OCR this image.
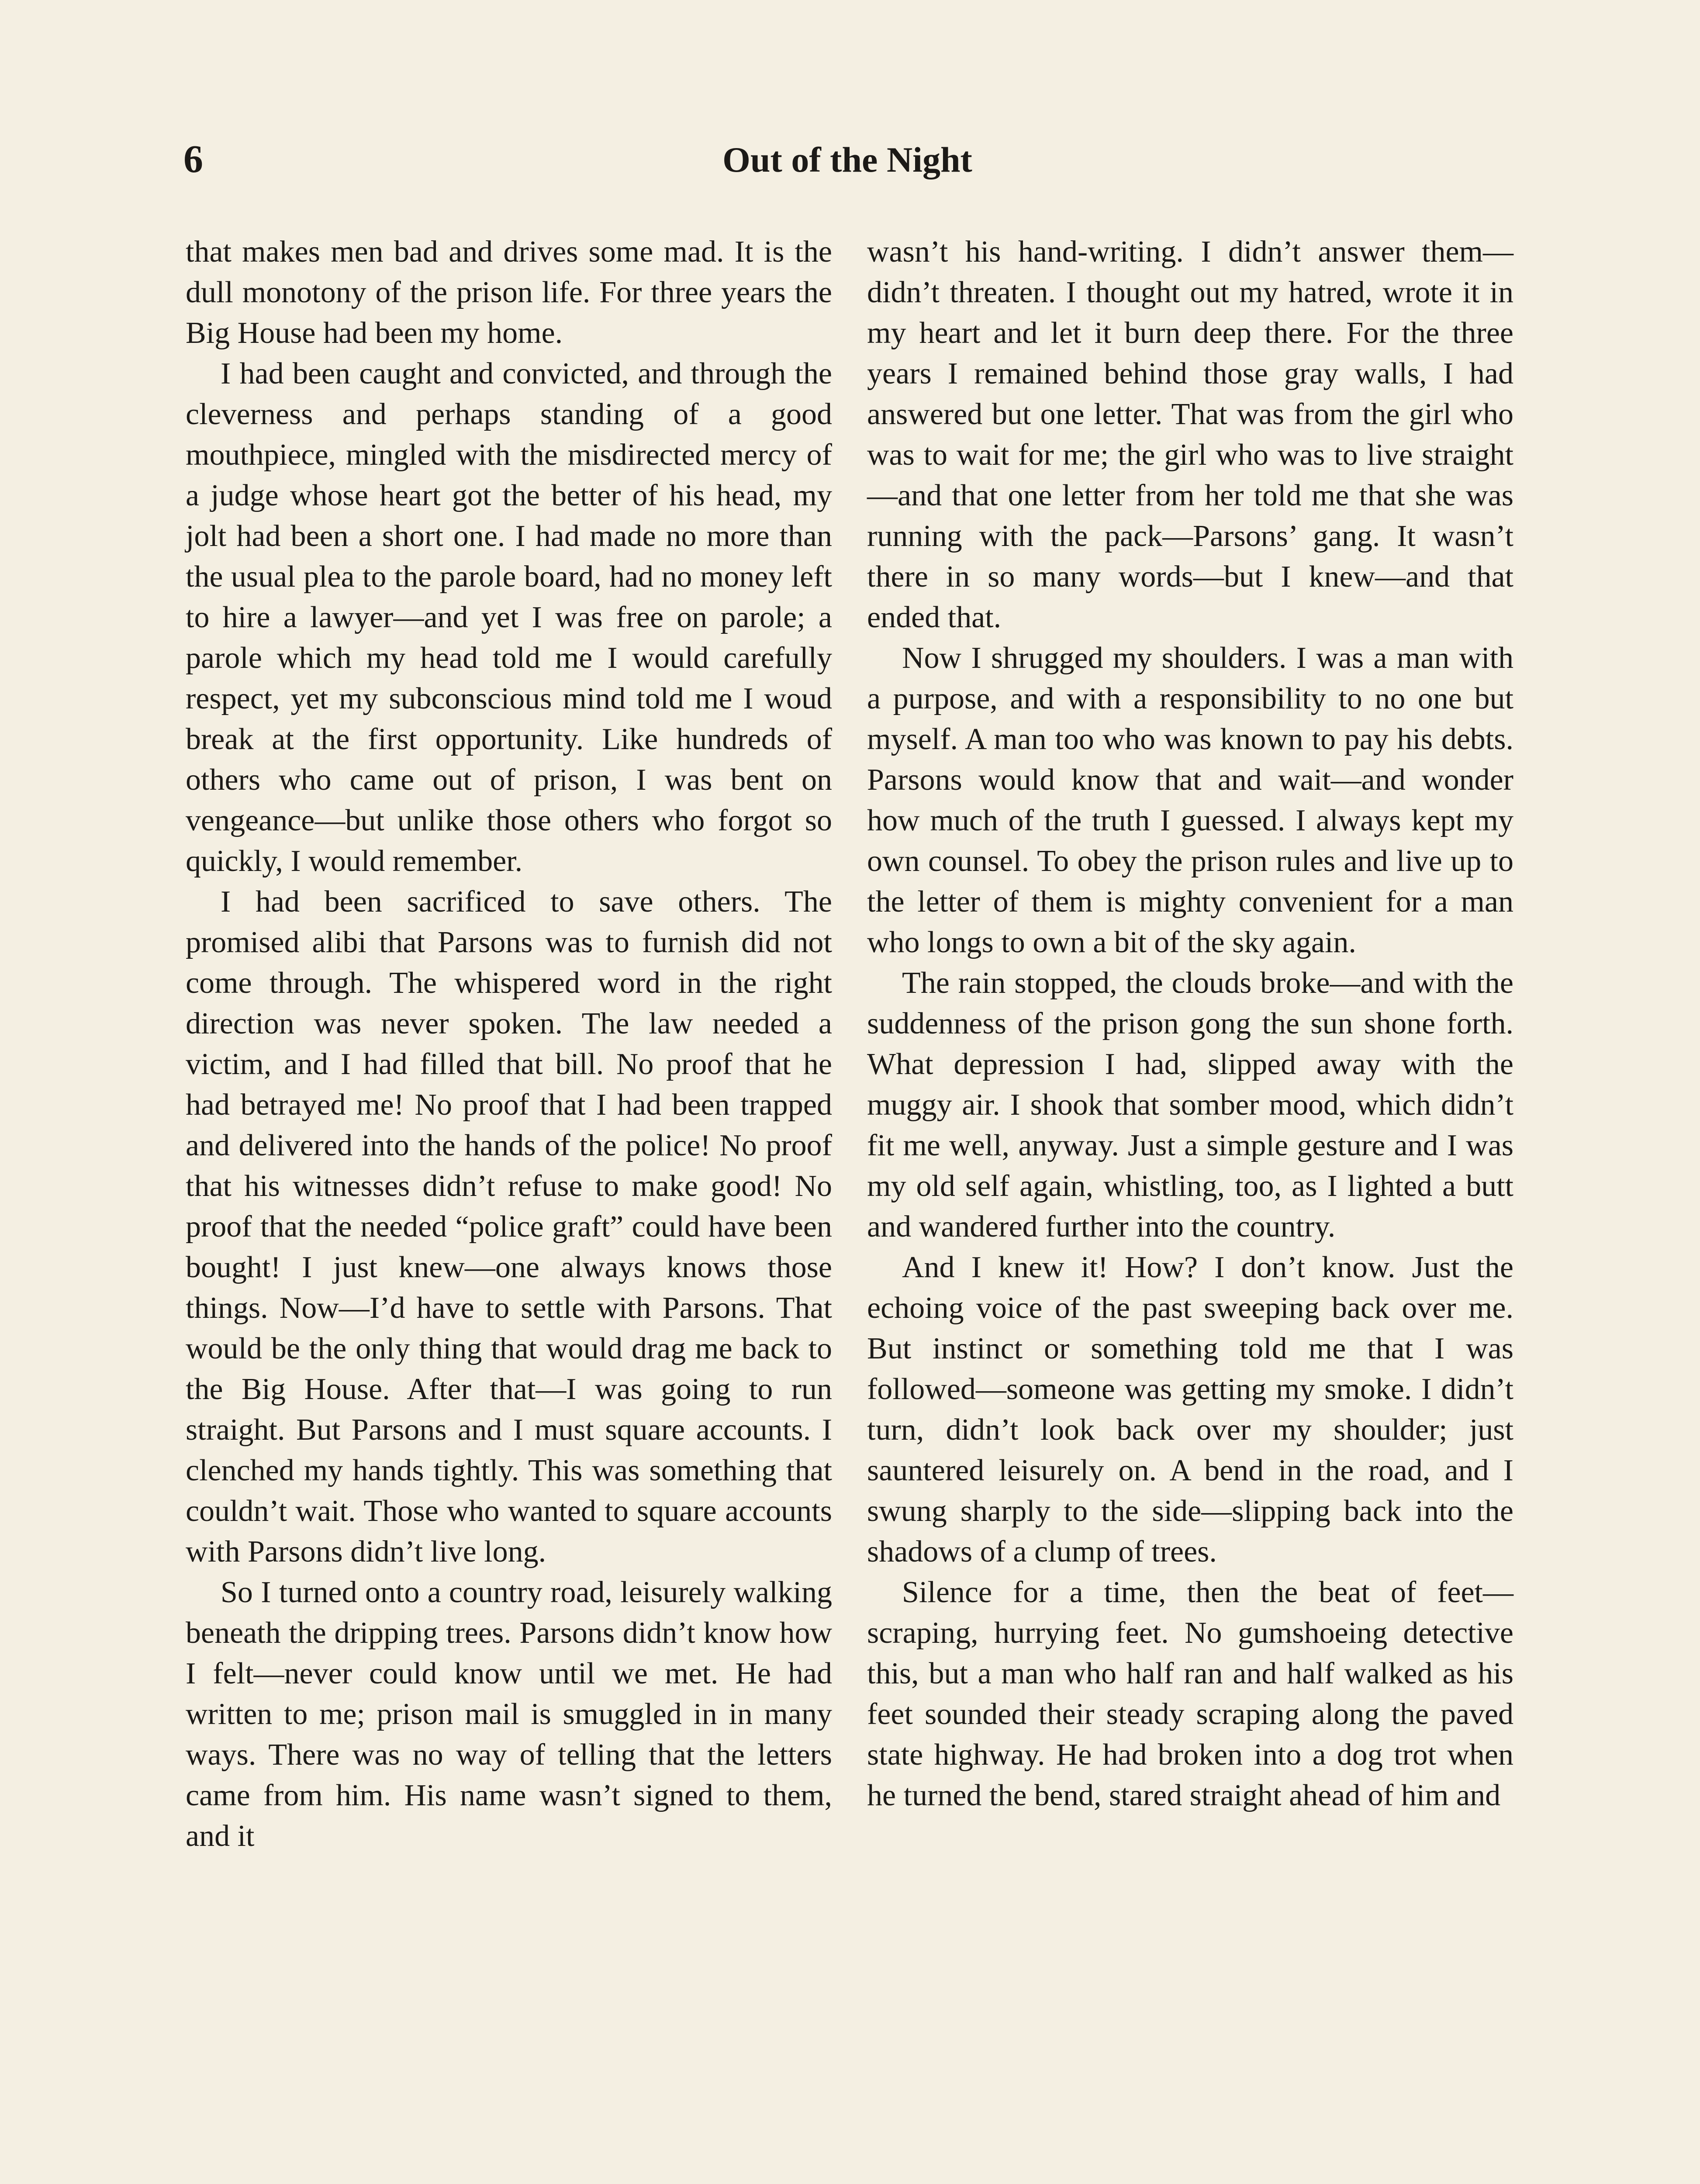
6	Out of the Night

that makes men bad and drives some mad. It is the dull monotony of the prison life. For three years the Big House had been my home.

I had been caught and convicted, and through the cleverness and perhaps standing of a good mouthpiece, mingled with the misdirected mercy of a judge whose heart got the better of his head, my jolt had been a short one. I had made no more than the usual plea to the parole board, had no money left to hire a lawyer—and yet I was free on parole; a parole which my head told me I would carefully respect, yet my subconscious mind told me I woud break at the first opportunity. Like hundreds of others who came out of prison, I was bent on vengeance—but unlike those others who forgot so quickly, I would remember.

I had been sacrificed to save others. The promised alibi that Parsons was to furnish did not come through. The whispered word in the right direction was never spoken. The law needed a victim, and I had filled that bill. No proof that he had betrayed me! No proof that I had been trapped and delivered into the hands of the police! No proof that his witnesses didn’t refuse to make good! No proof that the needed “police graft” could have been bought! I just knew—one always knows those things. Now—I’d have to settle with Parsons. That would be the only thing that would drag me back to the Big House. After that—I was going to run straight. But Parsons and I must square accounts. I clenched my hands tightly. This was something that couldn’t wait. Those who wanted to square accounts with Parsons didn’t live long.

So I turned onto a country road, leisurely walking beneath the dripping trees. Parsons didn’t know how I felt—never could know until we met. He had written to me; prison mail is smuggled in in many ways. There was no way of telling that the letters came from him. His name wasn’t signed to them, and it

wasn’t his hand-writing. I didn’t answer them—didn’t threaten. I thought out my hatred, wrote it in my heart and let it burn deep there. For the three years I remained behind those gray walls, I had answered but one letter. That was from the girl who was to wait for me; the girl who was to live straight —and that one letter from her told me that she was running with the pack—Parsons’ gang. It wasn’t there in so many words—but I knew—and that ended that.

Now I shrugged my shoulders. I was a man with a purpose, and with a responsibility to no one but myself. A man too who was known to pay his debts. Parsons would know that and wait—and wonder how much of the truth I guessed. I always kept my own counsel. To obey the prison rules and live up to the letter of them is mighty convenient for a man who longs to own a bit of the sky again.

The rain stopped, the clouds broke—and with the suddenness of the prison gong the sun shone forth. What depression I had, slipped away with the muggy air. I shook that somber mood, which didn’t fit me well, anyway. Just a simple gesture and I was my old self again, whistling, too, as I lighted a butt and wandered further into the country.

And I knew it! How? I don’t know. Just the echoing voice of the past sweeping back over me. But instinct or something told me that I was followed—someone was getting my smoke. I didn’t turn, didn’t look back over my shoulder; just sauntered leisurely on. A bend in the road, and I swung sharply to the side—slipping back into the shadows of a clump of trees.

Silence for a time, then the beat of feet—scraping, hurrying feet. No gumshoeing detective this, but a man who half ran and half walked as his feet sounded their steady scraping along the paved state highway. He had broken into a dog trot when he turned the bend, stared straight ahead of him and
